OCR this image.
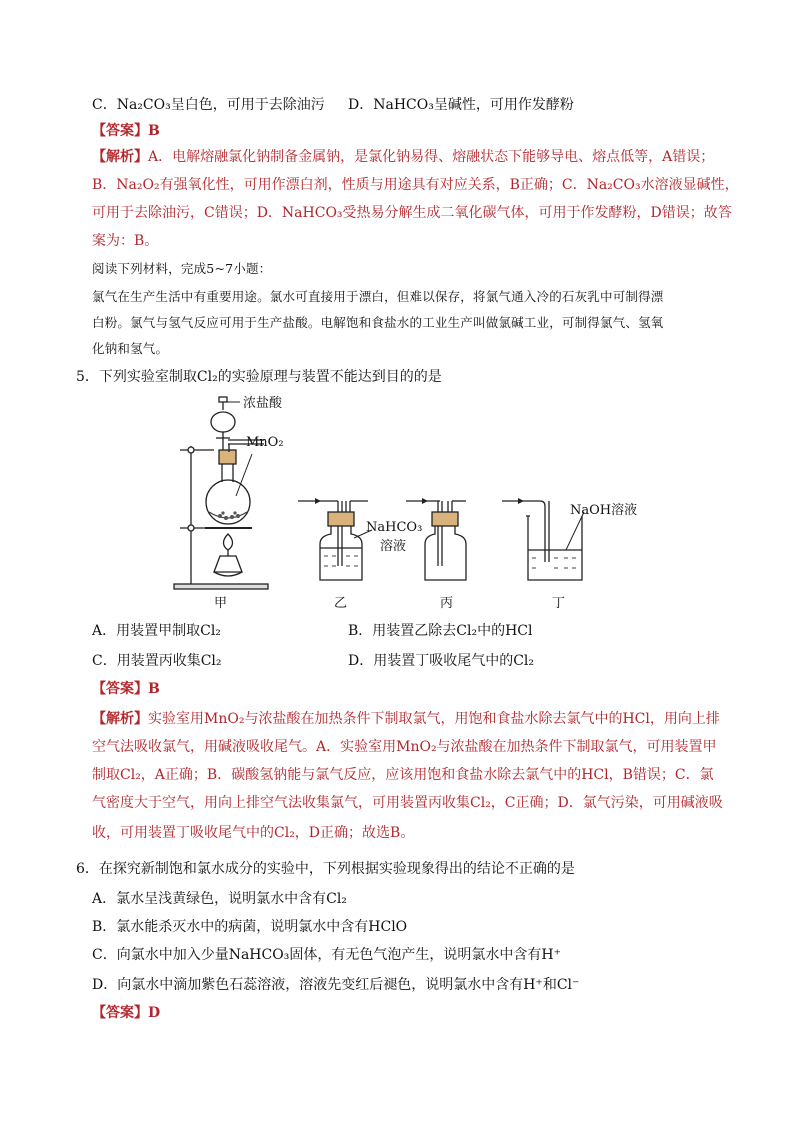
C．Na₂CO₃呈白色，可用于去除油污 D．NaHCO₃呈碱性，可用作发酵粉
【答案】B
【解析】A．电解熔融氯化钠制备金属钠，是氯化钠易得、熔融状态下能够导电、熔点低等，A错误；
B．Na₂O₂有强氧化性，可用作漂白剂，性质与用途具有对应关系，B正确；C．Na₂CO₃水溶液显碱性，
可用于去除油污，C错误；D．NaHCO₃受热易分解生成二氧化碳气体，可用于作发酵粉，D错误；故答
案为：B。
阅读下列材料，完成5~7小题：
氯气在生产生活中有重要用途。氯水可直接用于漂白，但难以保存，将氯气通入冷的石灰乳中可制得漂
白粉。氯气与氢气反应可用于生产盐酸。电解饱和食盐水的工业生产叫做氯碱工业，可制得氯气、氢氧
化钠和氢气。
5．下列实验室制取Cl₂的实验原理与装置不能达到目的的是
浓盐酸
MnO₂
NaHCO₃
溶液
NaOH溶液
甲	乙	丙	丁
A．用装置甲制取Cl₂	B．用装置乙除去Cl₂中的HCl
C．用装置丙收集Cl₂	D．用装置丁吸收尾气中的Cl₂
【答案】B
【解析】实验室用MnO₂与浓盐酸在加热条件下制取氯气，用饱和食盐水除去氯气中的HCl，用向上排
空气法吸收氯气，用碱液吸收尾气。A．实验室用MnO₂与浓盐酸在加热条件下制取氯气，可用装置甲
制取Cl₂，A正确；B．碳酸氢钠能与氯气反应，应该用饱和食盐水除去氯气中的HCl，B错误；C．氯
气密度大于空气，用向上排空气法收集氯气，可用装置丙收集Cl₂，C正确；D．氯气污染，可用碱液吸
收，可用装置丁吸收尾气中的Cl₂，D正确；故选B。
6．在探究新制饱和氯水成分的实验中，下列根据实验现象得出的结论不正确的是
A．氯水呈浅黄绿色，说明氯水中含有Cl₂
B．氯水能杀灭水中的病菌，说明氯水中含有HClO
C．向氯水中加入少量NaHCO₃固体，有无色气泡产生，说明氯水中含有H⁺
D．向氯水中滴加紫色石蕊溶液，溶液先变红后褪色，说明氯水中含有H⁺和Cl⁻
【答案】D
